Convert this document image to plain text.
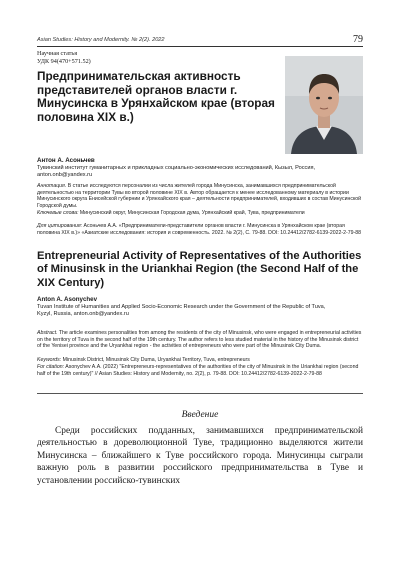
Asian Studies: History and Modernity. № 2(2). 2022	79
Научная статья
УДК 94(470+571.52)
Предпринимательская активность представителей органов власти г. Минусинска в Урянхайском крае (вторая половина XIX в.)
Антон А. Асоньчев
Тувинский институт гуманитарных и прикладных социально-экономических исследований, Кызыл, Россия, anton.onb@yandex.ru
Аннотация. В статье исследуются персоналии из числа жителей города Минусинска, занимавшихся предпринимательской деятельностью на территории Тувы во второй половине XIX в. Автор обращается к менее исследованному материалу в истории Минусинского округа Енисейской губернии и Урянхайского края – деятельности предпринимателей, входивших в состав Минусинской Городской думы.
Ключевые слова: Минусинский округ, Минусинская Городская дума, Урянхайский край, Тува, предприниматели
Для цитирования: Асоньчев А.А. «Предприниматели-представители органов власти г. Минусинска в Урянхайском крае (вторая половина XIX в.)» «Азиатские исследования: история и современность. 2022. № 2(2), С. 79-88. DOI: 10.24412/2782-6139-2022-2-79-88
Entrepreneurial Activity of Representatives of the Authorities of Minusinsk in the Uriankhai Region (the Second Half of the XIX Century)
Anton A. Asonychev
Tuvan Institute of Humanities and Applied Socio-Economic Research under the Government of the Republic of Tuva, Kyzyl, Russia, anton.onb@yandex.ru
Abstract. The article examines personalities from among the residents of the city of Minusinsk, who were engaged in entrepreneurial activities on the territory of Tuva in the second half of the 19th century. The author refers to less studied material in the history of the Minusinsk district of the Yenisei province and the Uryankhai region - the activities of entrepreneurs who were part of the Minusinsk City Duma.
Keywords: Minusinsk District, Minusinsk City Duma, Uryankhai Territory, Tuva, entrepreneurs
For citation: Asonychev A.A. (2022) "Entrepreneurs-representatives of the authorities of the city of Minusinsk in the Uriankhai region (second half of the 19th century)" // Asian Studies: History and Modernity, no. 2(2), p. 79-88. DOI: 10.24412/2782-6139-2022-2-79-88
Введение
Среди российских подданных, занимавшихся предпринимательской деятельностью в дореволюционной Туве, традиционно выделяются жители Минусинска – ближайшего к Туве российского города. Минусинцы сыграли важную роль в развитии российского предпринимательства в Туве и установлении российско-тувинских
